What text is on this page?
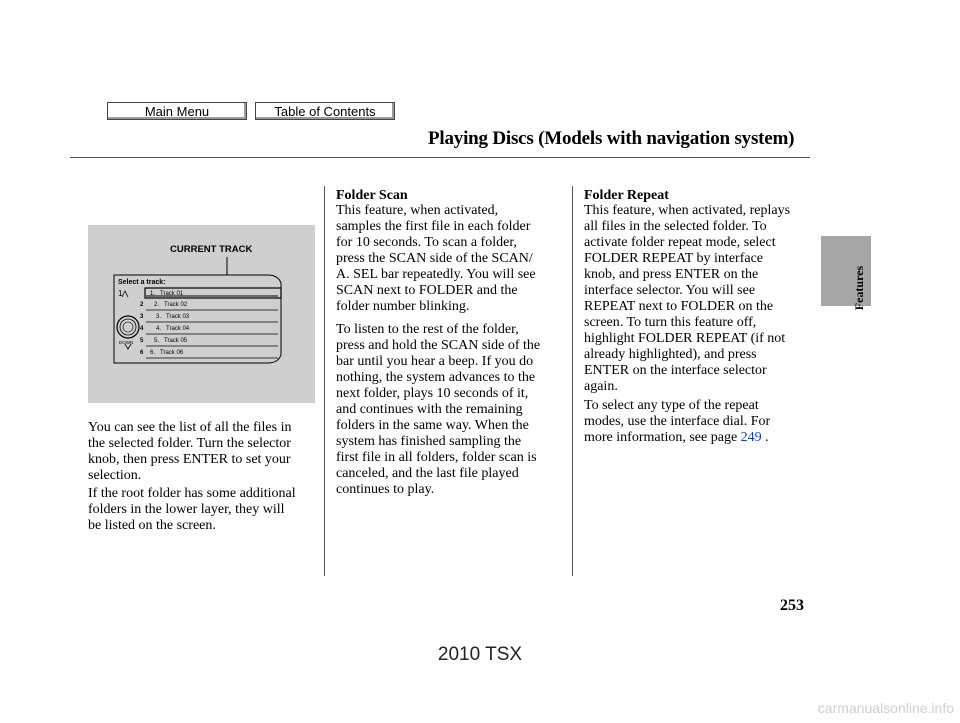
Main Menu	Table of Contents
Playing Discs (Models with navigation system)
Features
CURRENT TRACK
Select a track:
1
2
3
4
5
6
DOWN
1. Track 01
2. Track 02
3. Track 03
4. Track 04
5. Track 05
6. Track 06
You can see the list of all the files in
the selected folder. Turn the selector
knob, then press ENTER to set your
selection.
If the root folder has some additional
folders in the lower layer, they will
be listed on the screen.
Folder Scan
This feature, when activated,
samples the first file in each folder
for 10 seconds. To scan a folder,
press the SCAN side of the SCAN/
A. SEL bar repeatedly. You will see
SCAN next to FOLDER and the
folder number blinking.
To listen to the rest of the folder,
press and hold the SCAN side of the
bar until you hear a beep. If you do
nothing, the system advances to the
next folder, plays 10 seconds of it,
and continues with the remaining
folders in the same way. When the
system has finished sampling the
first file in all folders, folder scan is
canceled, and the last file played
continues to play.
Folder Repeat
This feature, when activated, replays
all files in the selected folder. To
activate folder repeat mode, select
FOLDER REPEAT by interface
knob, and press ENTER on the
interface selector. You will see
REPEAT next to FOLDER on the
screen. To turn this feature off,
highlight FOLDER REPEAT (if not
already highlighted), and press
ENTER on the interface selector
again.
To select any type of the repeat
modes, use the interface dial. For
more information, see page 249 .
253
2010 TSX
carmanualsonline.info
